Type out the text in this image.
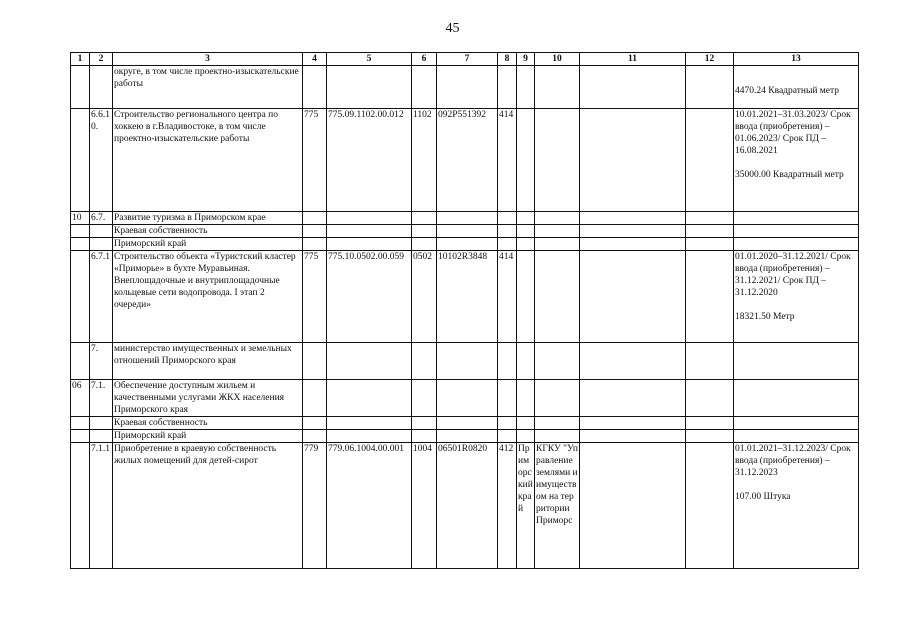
45
1	2	3	4	5	6	7	8	9	10	11	12	13
		округе, в том числе проектно-изыскательские работы										4470.24 Квадратный метр
	6.6.10.	Строительство регионального центра по хоккею в г.Владивостоке, в том числе проектно-изыскательские работы	775	775.09.1102.00.012	1102	092P551392	414					10.01.2021–31.03.2023/ Срок ввода (приобретения) – 01.06.2023/ Срок ПД – 16.08.2021
35000.00 Квадратный метр

10	6.7.	Развитие туризма в Приморском крае										
		Краевая собственность										
		Приморский край										
	6.7.1	Строительство объекта «Туристский кластер «Приморье» в бухте Муравьиная. Внеплощадочные и внутриплощадочные кольцевые сети водопровода. I этап 2 очереди»	775	775.10.0502.00.059	0502	10102R3848	414					01.01.2020–31.12.2021/ Срок ввода (приобретения) – 31.12.2021/ Срок ПД – 31.12.2020
18321.50 Метр

	7.	министерство имущественных и земельных отношений Приморского края										
06	7.1.	Обеспечение доступным жильем и качественными услугами ЖКХ населения Приморского края										
		Краевая собственность										
		Приморский край										
	7.1.1	Приобретение в краевую собственность жилых помещений для детей-сирот	779	779.06.1004.00.001	1004	06501R0820	412	Приморский край	КГКУ "Управление землями и имуществом на территории Приморс			01.01.2021–31.12.2023/ Срок ввода (приобретения) – 31.12.2023
107.00 Штука
